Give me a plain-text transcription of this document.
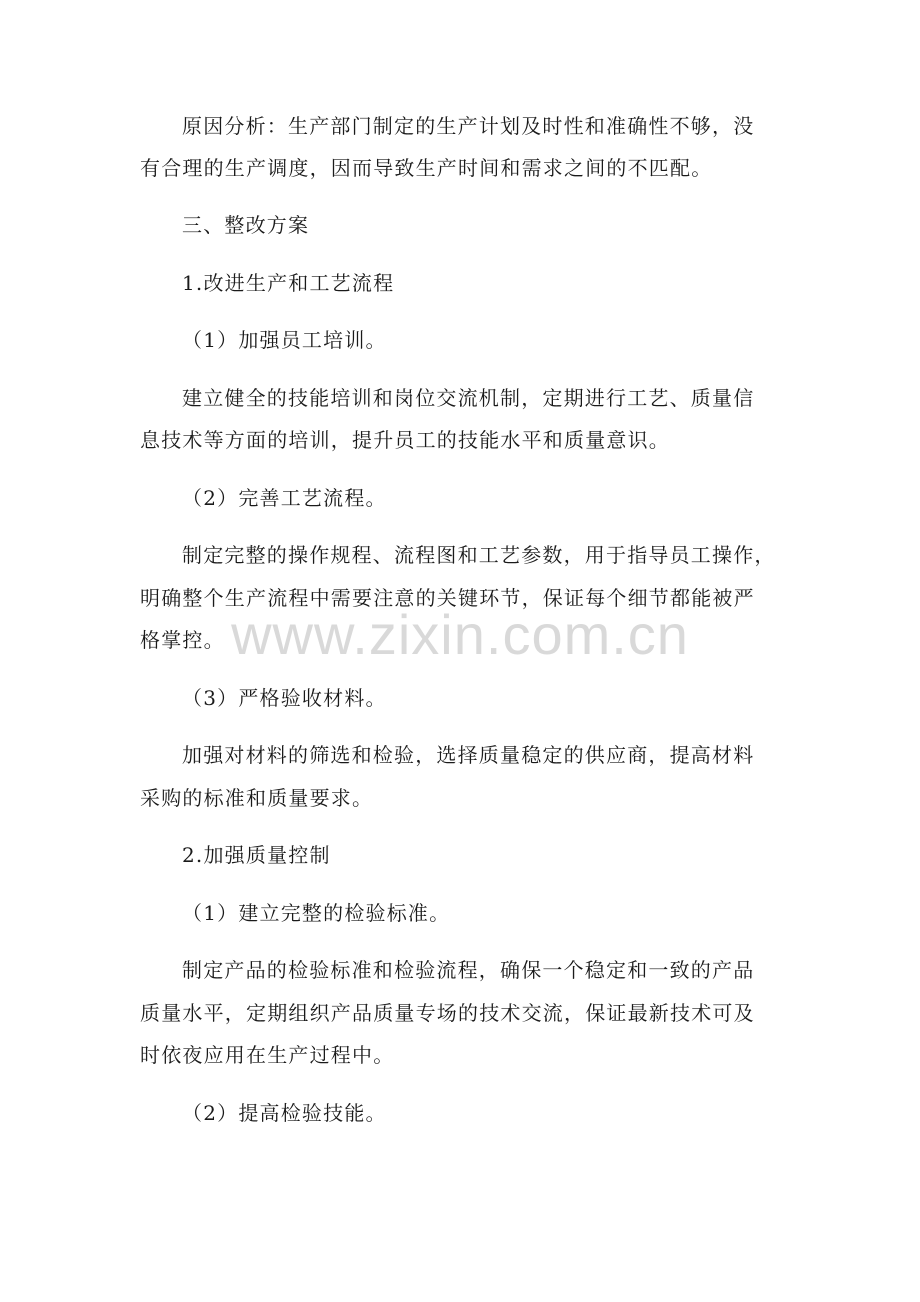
原因分析：生产部门制定的生产计划及时性和准确性不够，没
有合理的生产调度，因而导致生产时间和需求之间的不匹配。
三、整改方案
1.改进生产和工艺流程
（1）加强员工培训。
建立健全的技能培训和岗位交流机制，定期进行工艺、质量信
息技术等方面的培训，提升员工的技能水平和质量意识。
（2）完善工艺流程。
制定完整的操作规程、流程图和工艺参数，用于指导员工操作，
明确整个生产流程中需要注意的关键环节，保证每个细节都能被严
格掌控。
（3）严格验收材料。
加强对材料的筛选和检验，选择质量稳定的供应商，提高材料
采购的标准和质量要求。
2.加强质量控制
（1）建立完整的检验标准。
制定产品的检验标准和检验流程，确保一个稳定和一致的产品
质量水平，定期组织产品质量专场的技术交流，保证最新技术可及
时依夜应用在生产过程中。
（2）提高检验技能。
www.zixin.com.cn
